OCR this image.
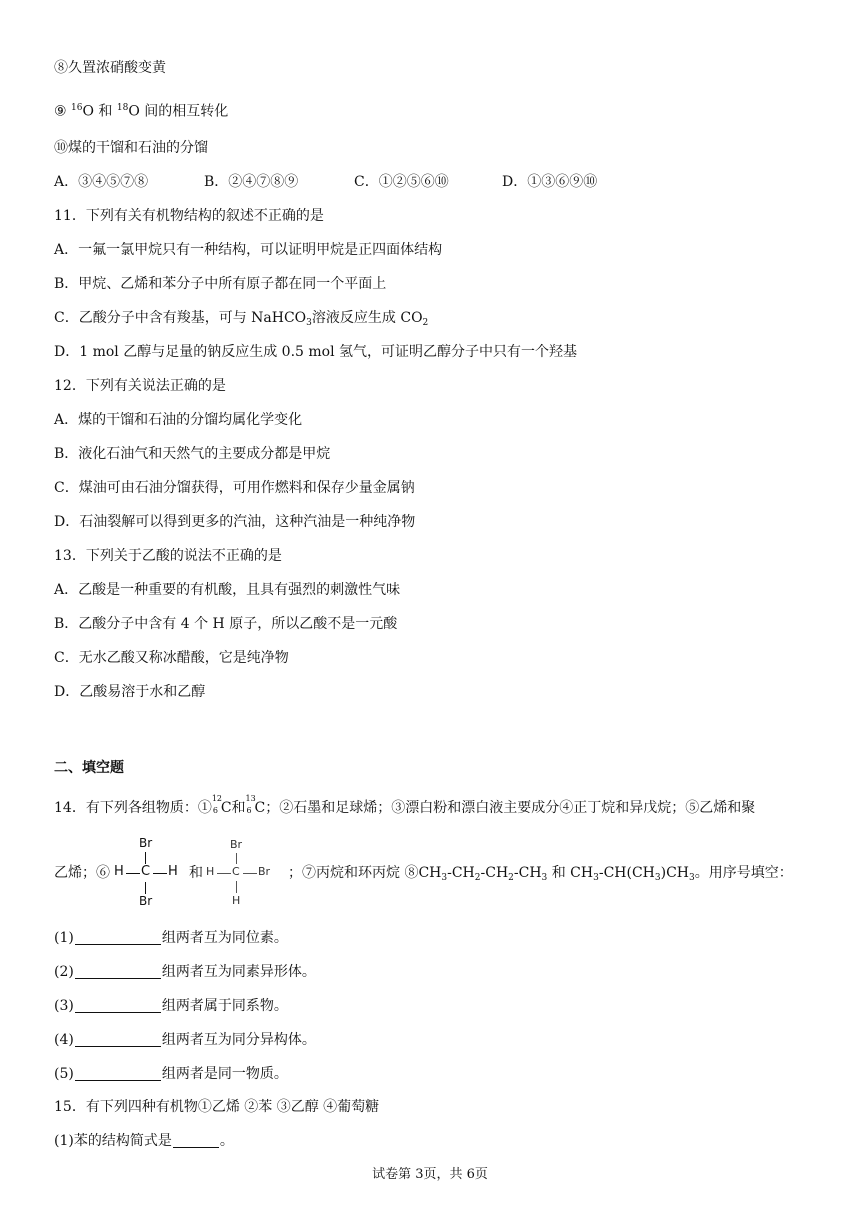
⑧久置浓硝酸变黄
⑨ $^{16}$O 和 $^{18}$O 间的相互转化
⑩煤的干馏和石油的分馏
A．③④⑤⑦⑧	B．②④⑦⑧⑨	C．①②⑤⑥⑩	D．①③⑥⑨⑩
11．下列有关有机物结构的叙述不正确的是
A．一氟一氯甲烷只有一种结构，可以证明甲烷是正四面体结构
B．甲烷、乙烯和苯分子中所有原子都在同一个平面上
C．乙酸分子中含有羧基，可与 NaHCO$_3$溶液反应生成 $CO_2$
D．1 mol 乙醇与足量的钠反应生成 0.5 mol 氢气，可证明乙醇分子中只有一个羟基
12．下列有关说法正确的是
A．煤的干馏和石油的分馏均属化学变化
B．液化石油气和天然气的主要成分都是甲烷
C．煤油可由石油分馏获得，可用作燃料和保存少量金属钠
D．石油裂解可以得到更多的汽油，这种汽油是一种纯净物
13．下列关于乙酸的说法不正确的是
A．乙酸是一种重要的有机酸，且具有强烈的刺激性气味
B．乙酸分子中含有 4 个 H 原子，所以乙酸不是一元酸
C．无水乙酸又称冰醋酸，它是纯净物
D．乙酸易溶于水和乙醇
二、填空题
14．有下列各组物质：①
12
6 C和
13
6 C；②石墨和足球烯；③漂白粉和漂白液主要成分④正丁烷和异戊烷；⑤乙烯和聚
乙烯；⑥
Br
H C H
Br
和
Br
H C Br
H
；⑦丙烷和环丙烷 $⑧CH_3-CH_2-CH_2-CH_3$ 和 $CH_3-CH(CH_3)CH_3$。用序号填空：
(1)	组两者互为同位素。
(2)	组两者互为同素异形体。
(3)	组两者属于同系物。
(4)	组两者互为同分异构体。
(5)	组两者是同一物质。
15．有下列四种有机物①乙烯 ②苯 ③乙醇 ④葡萄糖
(1)苯的结构简式是	。
试卷第 3页，共 6页
